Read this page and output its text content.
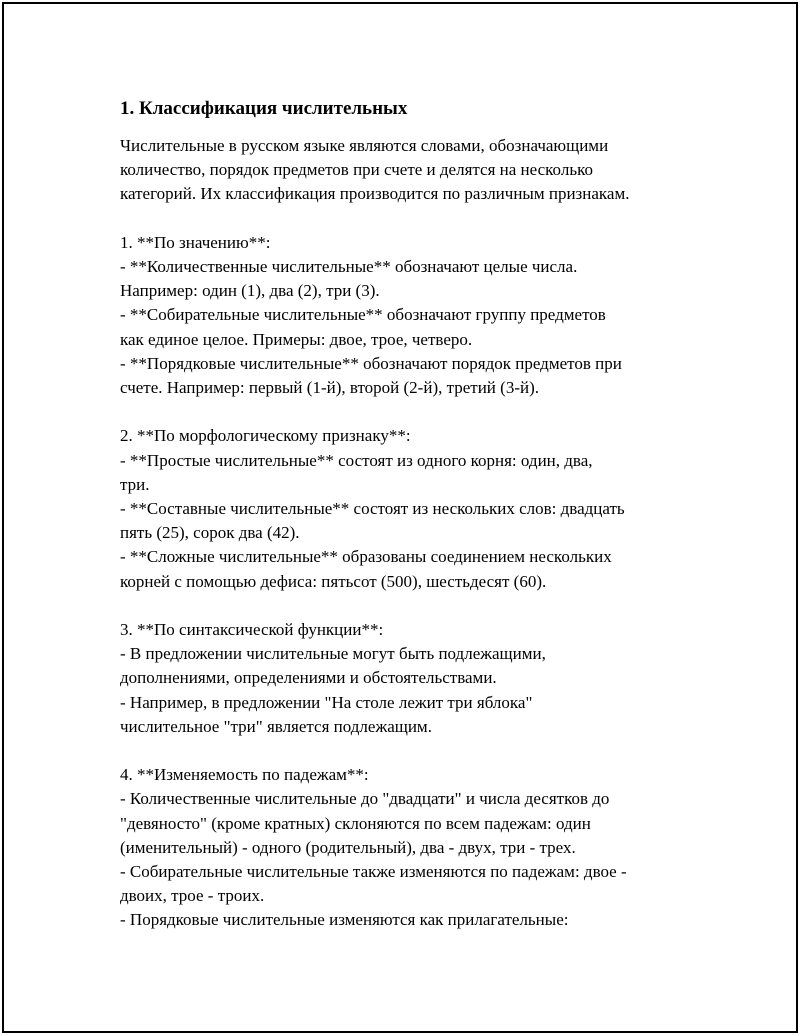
1. Классификация числительных

Числительные в русском языке являются словами, обозначающими
количество, порядок предметов при счете и делятся на несколько
категорий. Их классификация производится по различным признакам.

1. **По значению**:

- **Количественные числительные** обозначают целые числа.
Например: один (1), два (2), три (3).

- **Собирательные числительные** обозначают группу предметов
как единое целое. Примеры: двое, трое, четверо.

- **Порядковые числительные** обозначают порядок предметов при
счете. Например: первый (1-й), второй (2-й), третий (3-й).

2. **По морфологическому признаку**:

- **Простые числительные** состоят из одного корня: один, два,
три.

- **Составные числительные** состоят из нескольких слов: двадцать
пять (25), сорок два (42).

- **Сложные числительные** образованы соединением нескольких
корней с помощью дефиса: пятьсот (500), шестьдесят (60).

3. **По синтаксической функции**:

- В предложении числительные могут быть подлежащими,
дополнениями, определениями и обстоятельствами.

- Например, в предложении "На столе лежит три яблока"
числительное "три" является подлежащим.

4. **Изменяемость по падежам**:

- Количественные числительные до "двадцати" и числа десятков до
"девяносто" (кроме кратных) склоняются по всем падежам: один
(именительный) - одного (родительный), два - двух, три - трех.

- Собирательные числительные также изменяются по падежам: двое -
двоих, трое - троих.

- Порядковые числительные изменяются как прилагательные:
